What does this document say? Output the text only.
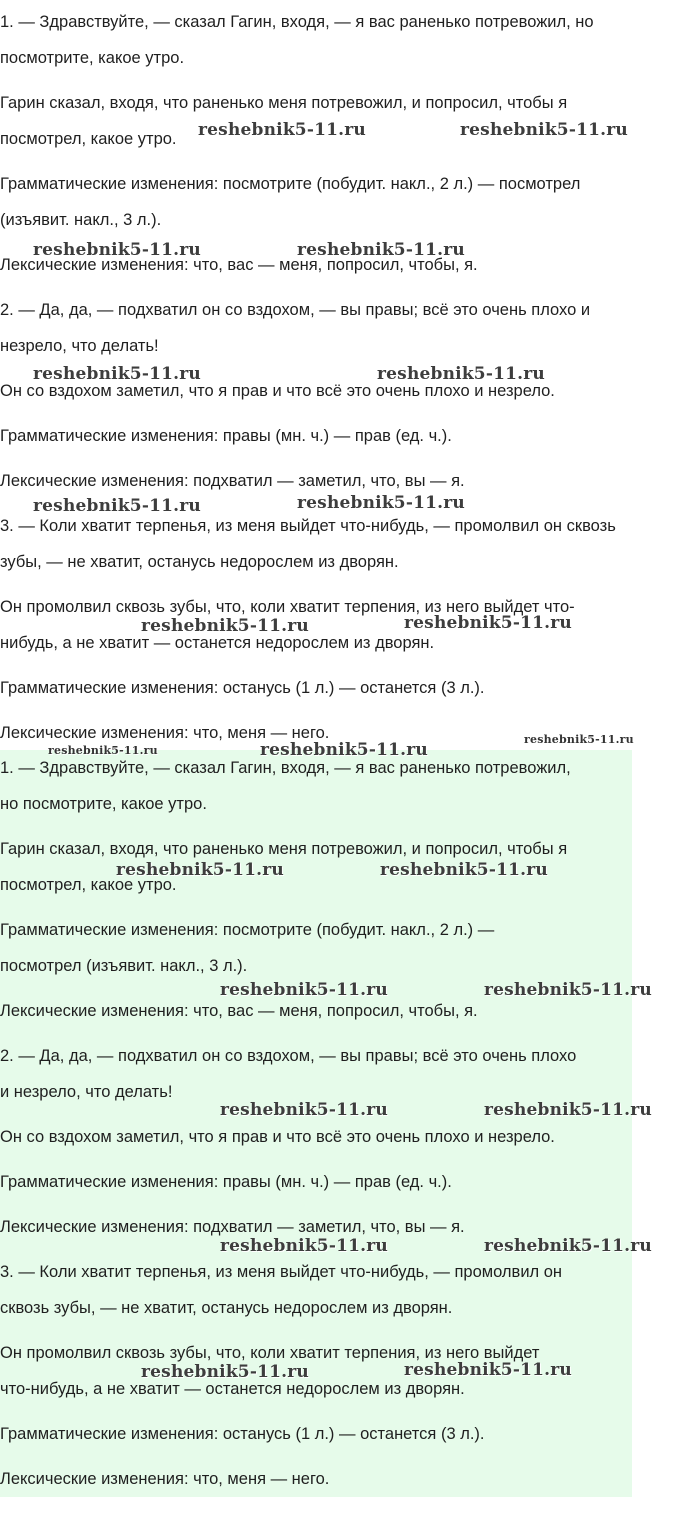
1. — Здравствуйте, — сказал Гагин, входя, — я вас раненько потревожил, но

посмотрите, какое утро.

Гарин сказал, входя, что раненько меня потревожил, и попросил, чтобы я

посмотрел, какое утро.

Грамматические изменения: посмотрите (побудит. накл., 2 л.) — посмотрел

(изъявит. накл., 3 л.).

Лексические изменения: что, вас — меня, попросил, чтобы, я.

2. — Да, да, — подхватил он со вздохом, — вы правы; всё это очень плохо и

незрело, что делать!

Он со вздохом заметил, что я прав и что всё это очень плохо и незрело.

Грамматические изменения: правы (мн. ч.) — прав (ед. ч.).

Лексические изменения: подхватил — заметил, что, вы — я.

3. — Коли хватит терпенья, из меня выйдет что-нибудь, — промолвил он сквозь

зубы, — не хватит, останусь недорослем из дворян.

Он промолвил сквозь зубы, что, коли хватит терпения, из него выйдет что-

нибудь, а не хватит — останется недорослем из дворян.

Грамматические изменения: останусь (1 л.) — останется (3 л.).

Лексические изменения: что, меня — него.

1. — Здравствуйте, — сказал Гагин, входя, — я вас раненько потревожил,

но посмотрите, какое утро.

Гарин сказал, входя, что раненько меня потревожил, и попросил, чтобы я

посмотрел, какое утро.

Грамматические изменения: посмотрите (побудит. накл., 2 л.) —

посмотрел (изъявит. накл., 3 л.).

Лексические изменения: что, вас — меня, попросил, чтобы, я.

2. — Да, да, — подхватил он со вздохом, — вы правы; всё это очень плохо

и незрело, что делать!

Он со вздохом заметил, что я прав и что всё это очень плохо и незрело.

Грамматические изменения: правы (мн. ч.) — прав (ед. ч.).

Лексические изменения: подхватил — заметил, что, вы — я.

3. — Коли хватит терпенья, из меня выйдет что-нибудь, — промолвил он

сквозь зубы, — не хватит, останусь недорослем из дворян.

Он промолвил сквозь зубы, что, коли хватит терпения, из него выйдет

что-нибудь, а не хватит — останется недорослем из дворян.

Грамматические изменения: останусь (1 л.) — останется (3 л.).

Лексические изменения: что, меня — него.

reshebnik5-11.ru	reshebnik5-11.ru
reshebnik5-11.ru	reshebnik5-11.ru
reshebnik5-11.ru	reshebnik5-11.ru
reshebnik5-11.ru	reshebnik5-11.ru
reshebnik5-11.ru	reshebnik5-11.ru
reshebnik5-11.ru	reshebnik5-11.ru
reshebnik5-11.ru
reshebnik5-11.ru	reshebnik5-11.ru
reshebnik5-11.ru	reshebnik5-11.ru
reshebnik5-11.ru	reshebnik5-11.ru
reshebnik5-11.ru	reshebnik5-11.ru
reshebnik5-11.ru	reshebnik5-11.ru
